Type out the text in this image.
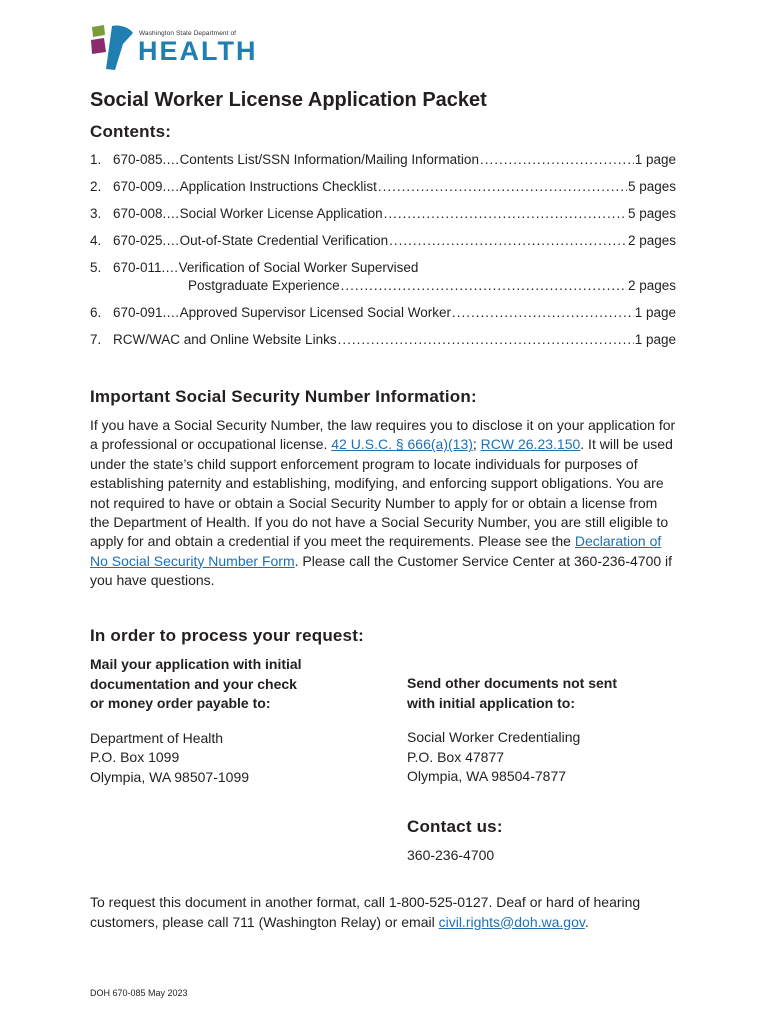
Washington State Department of
HEALTH
Social Worker License Application Packet
Contents:
1. 670-085 .... Contents List/SSN Information/Mailing Information .....	1 page
2. 670-009 .... Application Instructions Checklist .....	5 pages
3. 670-008 .... Social Worker License Application .....	5 pages
4. 670-025 .... Out-of-State Credential Verification .....	2 pages
5. 670-011 .... Verification of Social Worker Supervised
Postgraduate Experience .....	2 pages
6. 670-091 .... Approved Supervisor Licensed Social Worker .....	1 page
7. RCW/WAC and Online Website Links .....	1 page
Important Social Security Number Information:

If you have a Social Security Number, the law requires you to disclose it on your application for a professional or occupational license. 42 U.S.C. § 666(a)(13); RCW 26.23.150. It will be used under the state’s child support enforcement program to locate individuals for purposes of establishing paternity and establishing, modifying, and enforcing support obligations. You are not required to have or obtain a Social Security Number to apply for or obtain a license from the Department of Health. If you do not have a Social Security Number, you are still eligible to apply for and obtain a credential if you meet the requirements. Please see the Declaration of No Social Security Number Form. Please call the Customer Service Center at 360-236-4700 if you have questions.

In order to process your request:
Mail your application with initial
documentation and your check
or money order payable to:
Department of Health
P.O. Box 1099
Olympia, WA 98507-1099
Send other documents not sent
with initial application to:
Social Worker Credentialing
P.O. Box 47877
Olympia, WA 98504-7877
Contact us:
360-236-4700

To request this document in another format, call 1-800-525-0127. Deaf or hard of hearing customers, please call 711 (Washington Relay) or email civil.rights@doh.wa.gov.

DOH 670-085 May 2023
